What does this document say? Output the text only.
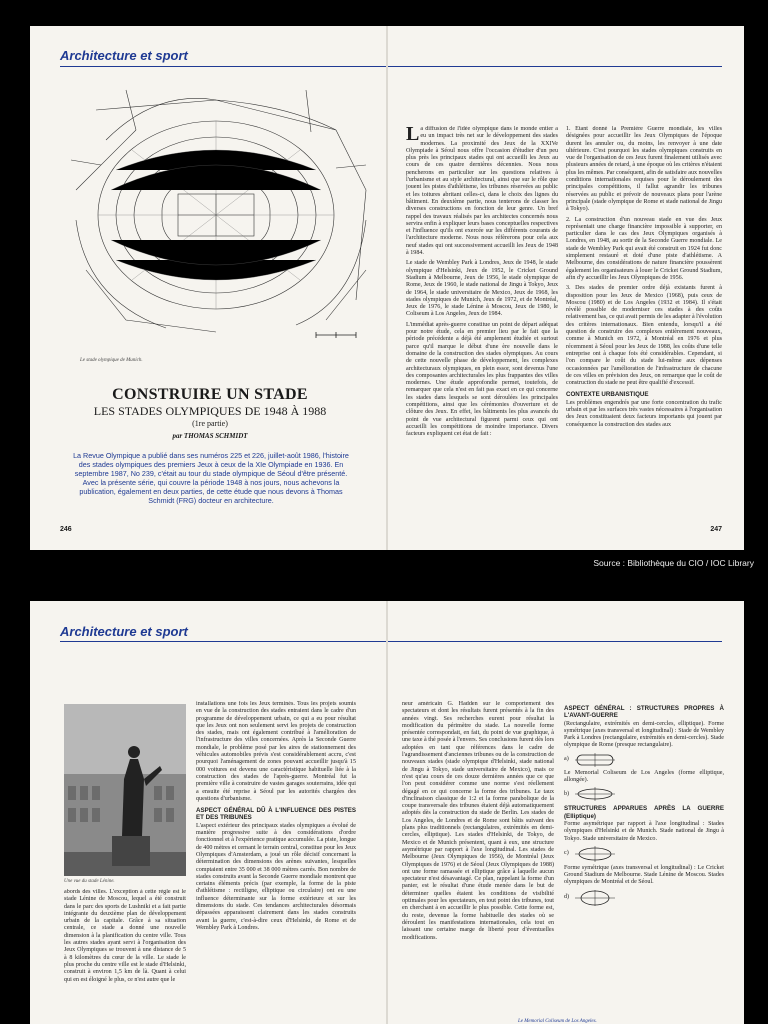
Architecture et sport
Le stade olympique de Munich.
CONSTRUIRE UN STADE
LES STADES OLYMPIQUES DE 1948 À 1988
(1re partie)
par THOMAS SCHMIDT
La Revue Olympique a publié dans ses numéros 225 et 226, juillet-août 1986, l'histoire des stades olympiques des premiers Jeux à ceux de la XIe Olympiade en 1936. En septembre 1987, No 239, c'était au tour du stade olympique de Séoul d'être présenté. Avec la présente série, qui couvre la période 1948 à nos jours, nous achevons la publication, également en deux parties, de cette étude que nous devons à Thomas Schmidt (FRG) docteur en architecture.
246

La diffusion de l'idée olympique dans le monde entier a eu un impact très net sur le développement des stades modernes. La proximité des Jeux de la XXIVe Olympiade à Séoul nous offre l'occasion d'étudier d'un peu plus près les principaux stades qui ont accueilli les Jeux au cours de ces quatre dernières décennies. Nous nous pencherons en particulier sur les questions relatives à l'urbanisme et au style architectural, ainsi que sur le rôle que jouent les pistes d'athlétisme, les tribunes réservées au public et les toitures abritant celles-ci, dans le choix des lignes du bâtiment. En deuxième partie, nous tenterons de classer les diverses constructions en fonction de leur genre. Un bref rappel des travaux réalisés par les architectes concernés nous servira enfin à expliquer leurs bases conceptuelles respectives et l'influence qu'ils ont exercée sur les différents courants de l'architecture moderne. Nous nous réfèrerons pour cela aux neuf stades qui ont successivement accueilli les Jeux de 1948 à 1984.

Le stade de Wembley Park à Londres, Jeux de 1948, le stade olympique d'Helsinki, Jeux de 1952, le Cricket Ground Stadium à Melbourne, Jeux de 1956, le stade olympique de Rome, Jeux de 1960, le stade national de Jingu à Tokyo, Jeux de 1964, le stade universitaire de Mexico, Jeux de 1968, les stades olympiques de Munich, Jeux de 1972, et de Montréal, Jeux de 1976, le stade Lénine à Moscou, Jeux de 1980, le Coliseum à Los Angeles, Jeux de 1984.

L'immédiat après-guerre constitue un point de départ adéquat pour notre étude, cela en premier lieu par le fait que la période précédente a déjà été amplement étudiée et surtout parce qu'il marque le début d'une ère nouvelle dans le domaine de la construction des stades olympiques. Au cours de cette nouvelle phase de développement, les complexes architecturaux olympiques, en plein essor, sont devenus l'une des composantes architecturales les plus frappantes des villes modernes. Une étude approfondie permet, toutefois, de remarquer que cela n'est en fait pas exact en ce qui concerne les stades dans lesquels se sont déroulées les principales compétitions, ainsi que les cérémonies d'ouverture et de clôture des Jeux. En effet, les bâtiments les plus avancés du point de vue architectural figurent parmi ceux qui ont accueilli les compétitions de moindre importance. Divers facteurs expliquent cet état de fait :

1. Etant donné la Première Guerre mondiale, les villes désignées pour accueillir les Jeux Olympiques de l'époque durent les annuler ou, du moins, les renvoyer à une date ultérieure. C'est pourquoi les stades olympiques construits en vue de l'organisation de ces Jeux furent finalement utilisés avec plusieurs années de retard, à une époque où les critères n'étaient plus les mêmes. Par conséquent, afin de satisfaire aux nouvelles conditions internationales requises pour le déroulement des principales compétitions, il fallut agrandir les tribunes réservées au public et prévoir de nouveaux plans pour l'arène principale (stade olympique de Rome et stade national de Jingu à Tokyo).

2. La construction d'un nouveau stade en vue des Jeux représentait une charge financière impossible à supporter, en particulier dans le cas des Jeux Olympiques organisés à Londres, en 1948, au sortir de la Seconde Guerre mondiale. Le stade de Wembley Park qui avait été construit en 1924 fut donc simplement restauré et doté d'une piste d'athlétisme. A Melbourne, des considérations de nature financière poussèrent également les organisateurs à louer le Cricket Ground Stadium, afin d'y accueillir les Jeux Olympiques de 1956.

3. Des stades de premier ordre déjà existants furent à disposition pour les Jeux de Mexico (1968), puis ceux de Moscou (1980) et de Los Angeles (1932 et 1984). Il s'était révélé possible de moderniser ces stades à des coûts relativement bas, ce qui avait permis de les adapter à l'évolution des critères internationaux. Bien entendu, lorsqu'il a été question de construire des complexes entièrement nouveaux, comme à Munich en 1972, à Montréal en 1976 et plus récemment à Séoul pour les Jeux de 1988, les coûts d'une telle entreprise ont à chaque fois été considérables. Cependant, si l'on compare le coût du stade lui-même aux dépenses occasionnées par l'amélioration de l'infrastructure de chacune de ces villes en prévision des Jeux, on remarque que le coût de construction du stade ne peut être qualifié d'excessif.

CONTEXTE URBANISTIQUE

Les problèmes engendrés par une forte concentration du trafic urbain et par les surfaces très vastes nécessaires à l'organisation des Jeux constituaient deux facteurs importants qui jouent par conséquence la construction des stades aux

247
Source : Bibliothèque du CIO / IOC Library
Architecture et sport
Une vue du stade Lénine.

abords des villes. L'exception à cette règle est le stade Lénine de Moscou, lequel a été construit dans le parc des sports de Lushniki et a fait partie intégrante du deuxième plan de développement urbain de la capitale. Grâce à sa situation centrale, ce stade a donné une nouvelle dimension à la planification du centre ville. Tous les autres stades ayant servi à l'organisation des Jeux Olympiques se trouvent à une distance de 5 à 8 kilomètres du cœur de la ville. Le stade le plus proche du centre ville est le stade d'Helsinki, construit à environ 1,5 km de là. Quant à celui qui en est éloigné le plus, ce n'est autre que le

installations une fois les Jeux terminés. Tous les projets soumis en vue de la construction des stades entraient dans le cadre d'un programme de développement urbain, ce qui a eu pour résultat que les Jeux ont non seulement servi les projets de construction des stades, mais ont également contribué à l'amélioration de l'infrastructure des villes concernées. Après la Seconde Guerre mondiale, le problème posé par les aires de stationnement des véhicules automobiles prévis s'est considérablement accru, c'est pourquoi l'aménagement de zones pouvant accueillir jusqu'à 15 000 voitures est devenu une caractéristique habituelle liée à la construction des stades de l'après-guerre. Montréal fut la première ville à construire de vastes garages souterrains, idée qui a ensuite été reprise à Séoul par les autorités chargées des questions d'urbanisme.

ASPECT GÉNÉRAL DÛ À L'INFLUENCE DES PISTES ET DES TRIBUNES

L'aspect extérieur des principaux stades olympiques a évolué de manière progressive suite à des considérations d'ordre fonctionnel et à l'expérience pratique accumulée. La piste, longue de 400 mètres et cernant le terrain central, constitue pour les Jeux Olympiques d'Amsterdam, a joué un rôle décisif concernant la détermination des dimensions des arènes suivantes, lesquelles comptaient entre 35 000 et 38 000 mètres carrés. Bon nombre de stades construits avant la Seconde Guerre mondiale montrent que certains éléments précis (par exemple, la forme de la piste d'athlétisme : rectiligne, elliptique ou circulaire) ont eu une influence déterminante sur la forme extérieure et sur les dimensions du stade. Ces tendances architecturales désormais dépassées apparaissent clairement dans les stades construits avant la guerre, c'est-à-dire ceux d'Helsinki, de Rome et de Wembley Park à Londres.

neur américain G. Hadden sur le comportement des spectateurs et dont les résultats furent présentés à la fin des années vingt. Ses recherches eurent pour résultat la modification du périmètre du stade. La nouvelle forme présentée correspondait, en fait, du point de vue graphique, à une taxe à thé posée à l'envers. Ses conclusions furent dès lors adoptées en tant que références dans le cadre de l'agrandissement d'anciennes tribunes ou de la construction de nouveaux stades (stade olympique d'Helsinki, stade national de Jingu à Tokyo, stade universitaire de Mexico), mais ce n'est qu'au cours de ces douze dernières années que ce que l'on peut considérer comme une norme s'est réellement dégagé en ce qui concerne la forme des tribunes. Le taux d'inclinaison classique de 1:2 et la forme parabolique de la coupe transversale des tribunes étaient déjà automatiquement adoptés dès la construction du stade de Berlin. Les stades de Los Angeles, de Londres et de Rome sont bâtis suivant des plans plus traditionnels (rectangulaires, extrémités en demi-cercles, elliptique). Les stades d'Helsinki, de Tokyo, de Mexico et de Munich présentent, quant à eux, une structure asymétrique par rapport à l'axe longitudinal. Les stades de Melbourne (Jeux Olympiques de 1956), de Montréal (Jeux Olympiques de 1976) et de Séoul (Jeux Olympiques de 1988) ont une forme ramassée et elliptique grâce à laquelle aucun spectateur n'est désavantagé. Ce plan, rappelant la forme d'un panier, est le résultat d'une étude menée dans le but de déterminer quelles étaient les conditions de visibilité optimales pour les spectateurs, en tout point des tribunes, tout en cherchant à en accueillir le plus possible. Cette forme est, du reste, devenue la forme habituelle des stades où se déroulent les manifestations internationales, cela tout en laissant une certaine marge de liberté pour d'éventuelles modifications.

ASPECT GÉNÉRAL : STRUCTURES PROPRES À L'AVANT-GUERRE

(Rectangulaire, extrémités en demi-cercles, elliptique). Forme symétrique (axes transversal et longitudinal) : Stade de Wembley Park à Londres (rectangulaire, extrémités en demi-cercles). Stade olympique de Rome (presque rectangulaire).

a)

Le Memorial Coliseum de Los Angeles (forme elliptique, allongée).

b)
STRUCTURES APPARUES APRÈS LA GUERRE (Elliptique)

Forme asymétrique par rapport à l'axe longitudinal : Stades olympiques d'Helsinki et de Munich. Stade national de Jingu à Tokyo. Stade universitaire de Mexico.

c)

Forme symétrique (axes transversal et longitudinal) : Le Cricket Ground Stadium de Melbourne. Stade Lénine de Moscou. Stades olympiques de Montréal et de Séoul.

d)
Le Memorial Coliseum de Los Angeles.
